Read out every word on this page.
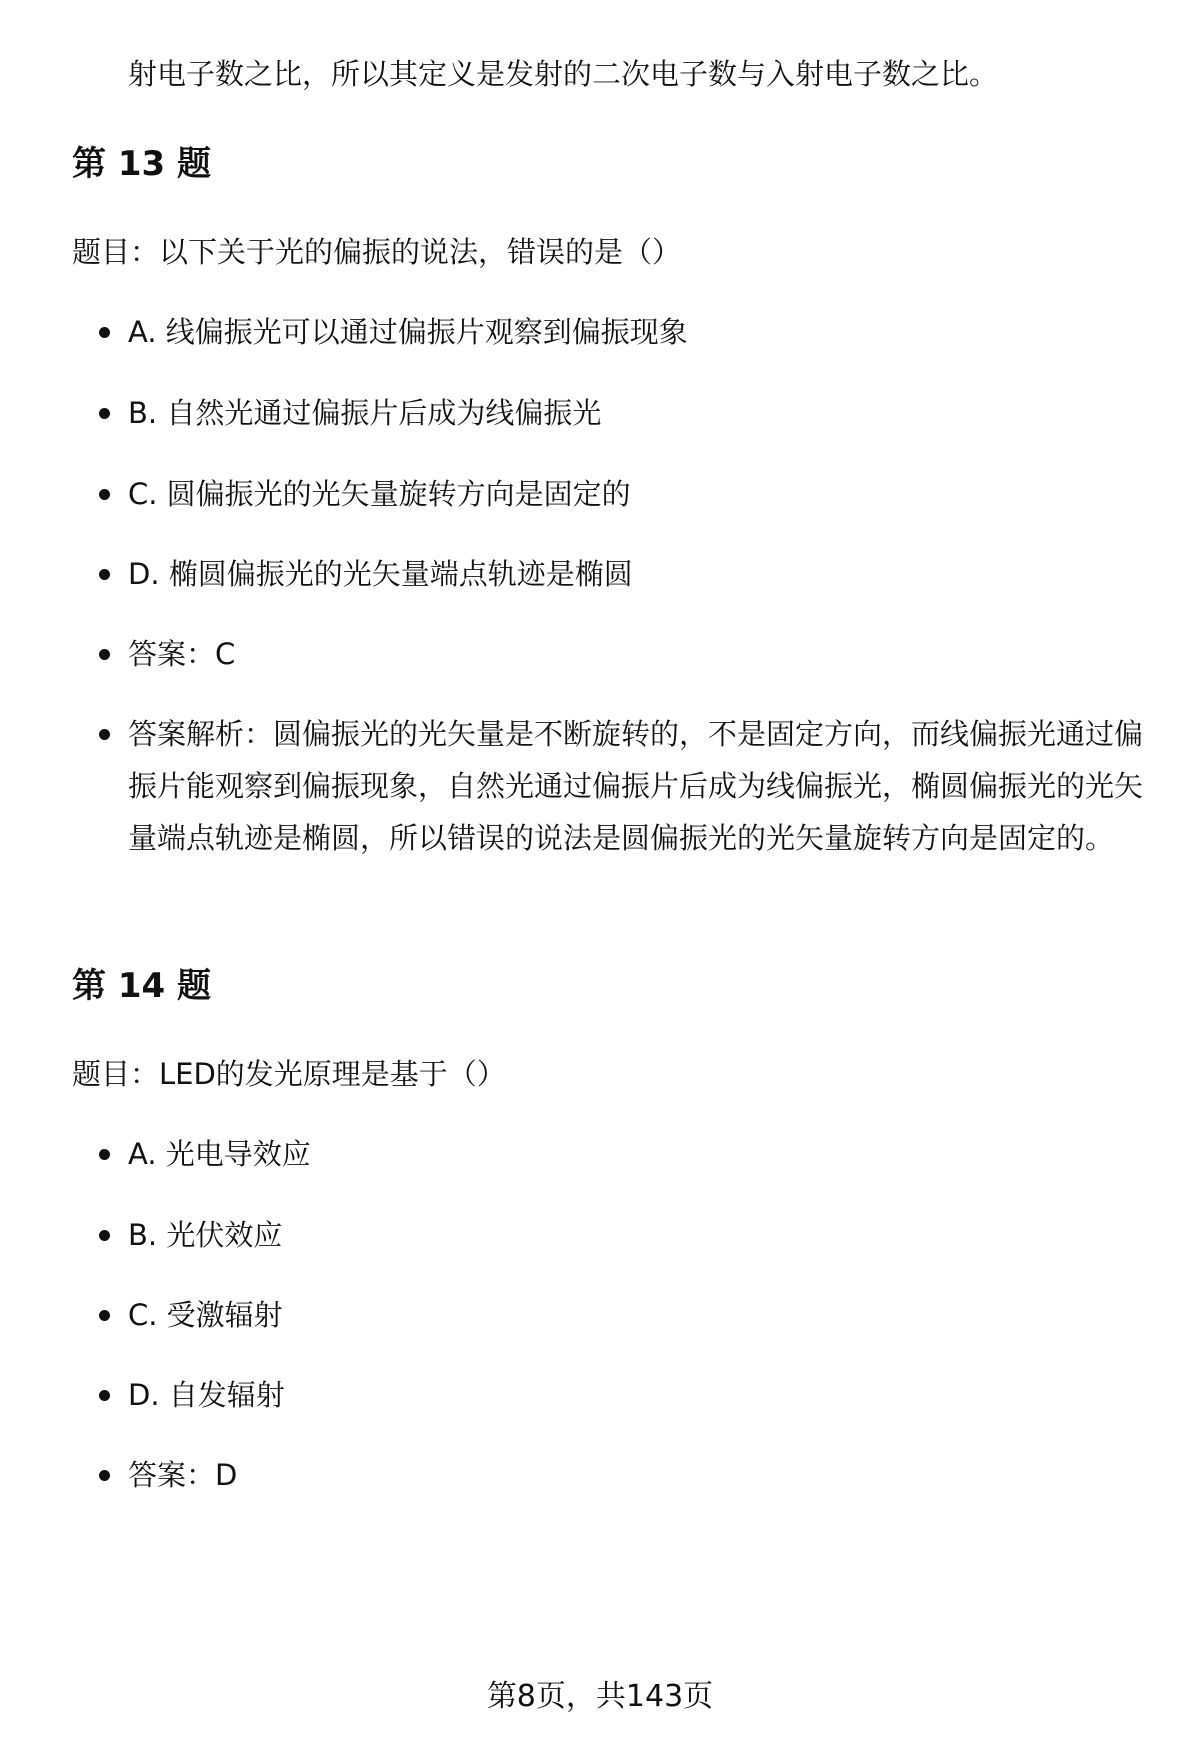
射电子数之比，所以其定义是发射的二次电子数与入射电子数之比。
第 13 题
题目：以下关于光的偏振的说法，错误的是（）
A. 线偏振光可以通过偏振片观察到偏振现象
B. 自然光通过偏振片后成为线偏振光
C. 圆偏振光的光矢量旋转方向是固定的
D. 椭圆偏振光的光矢量端点轨迹是椭圆
答案：C
答案解析：圆偏振光的光矢量是不断旋转的，不是固定方向，而线偏振光通过偏振片能观察到偏振现象，自然光通过偏振片后成为线偏振光，椭圆偏振光的光矢量端点轨迹是椭圆，所以错误的说法是圆偏振光的光矢量旋转方向是固定的。
第 14 题
题目：LED的发光原理是基于（）
A. 光电导效应
B. 光伏效应
C. 受激辐射
D. 自发辐射
答案：D
第8页，共143页
